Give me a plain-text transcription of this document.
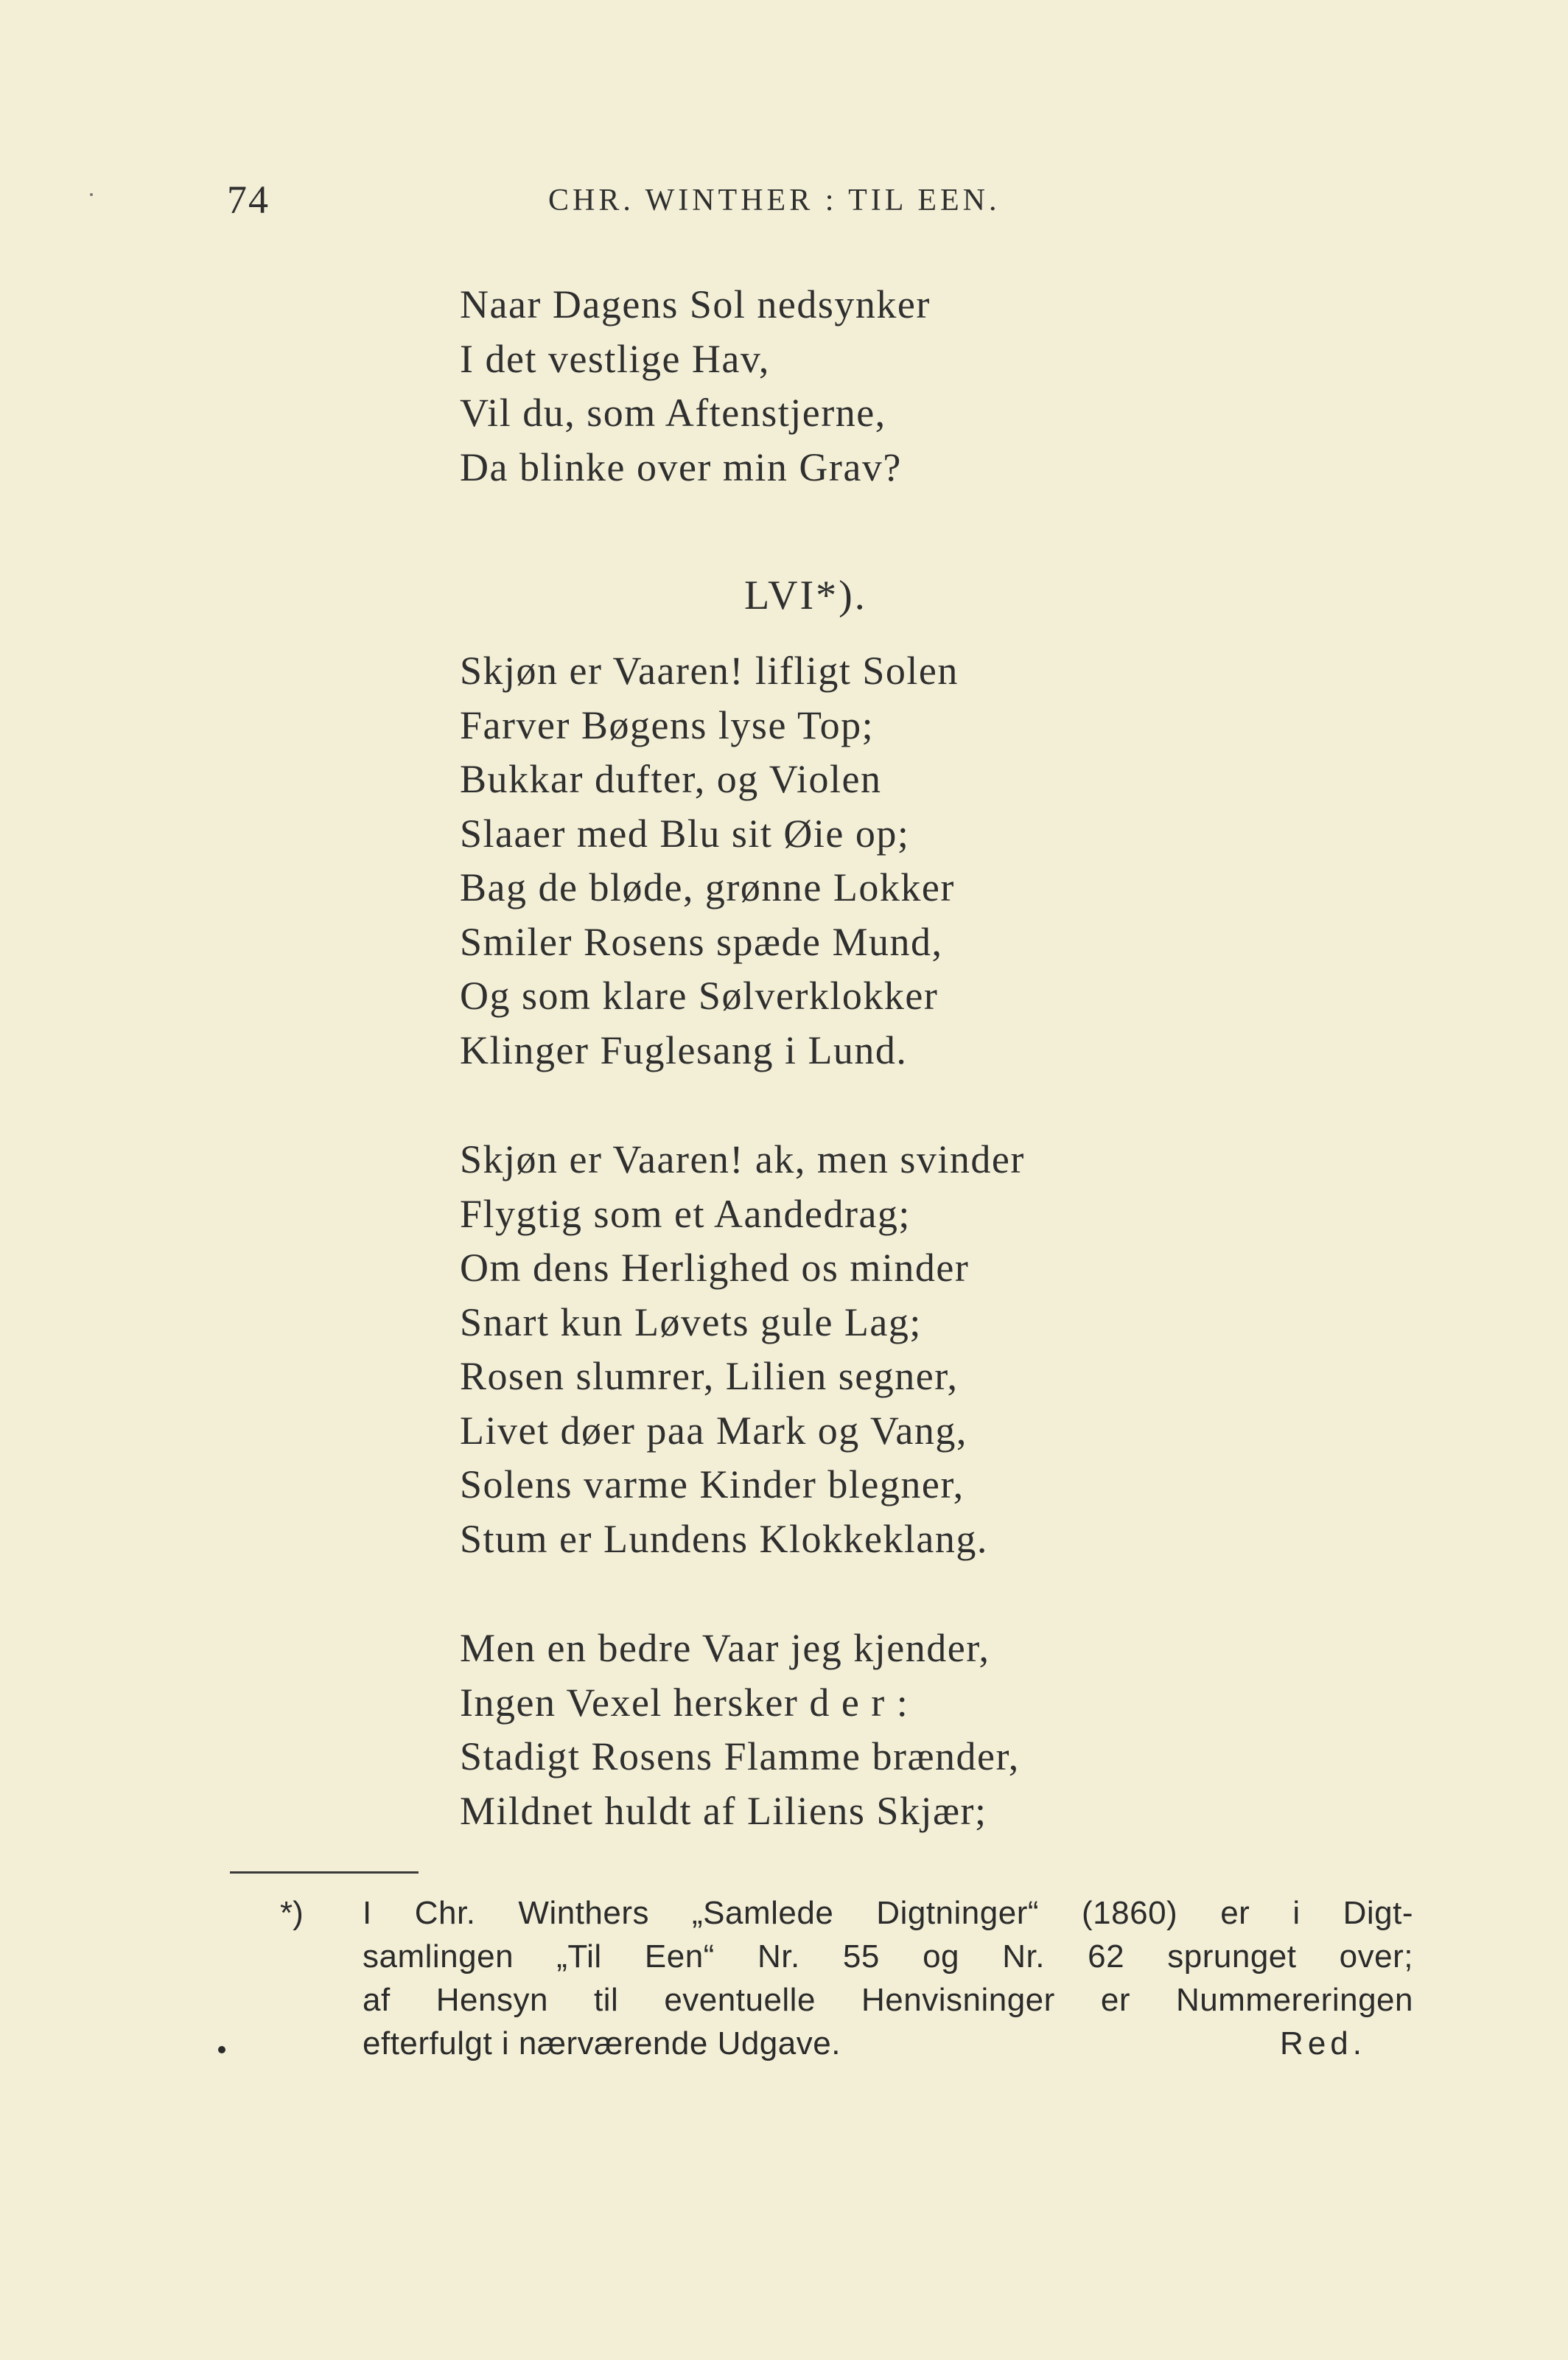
74	CHR. WINTHER : TIL EEN.
Naar Dagens Sol nedsynker
I det vestlige Hav,
Vil du, som Aftenstjerne,
Da blinke over min Grav?
LVI*).
Skjøn er Vaaren! lifligt Solen
Farver Bøgens lyse Top;
Bukkar dufter, og Violen
Slaaer med Blu sit Øie op;
Bag de bløde, grønne Lokker
Smiler Rosens spæde Mund,
Og som klare Sølverklokker
Klinger Fuglesang i Lund.
Skjøn er Vaaren! ak, men svinder
Flygtig som et Aandedrag;
Om dens Herlighed os minder
Snart kun Løvets gule Lag;
Rosen slumrer, Lilien segner,
Livet døer paa Mark og Vang,
Solens varme Kinder blegner,
Stum er Lundens Klokkeklang.
Men en bedre Vaar jeg kjender,
Ingen Vexel hersker d e r :
Stadigt Rosens Flamme brænder,
Mildnet huldt af Liliens Skjær;
*) I Chr. Winthers „Samlede Digtninger“ (1860) er i Digt-
samlingen „Til Een“ Nr. 55 og Nr. 62 sprunget over;
af Hensyn til eventuelle Henvisninger er Nummereringen
efterfulgt i nærværende Udgave.	Red.
